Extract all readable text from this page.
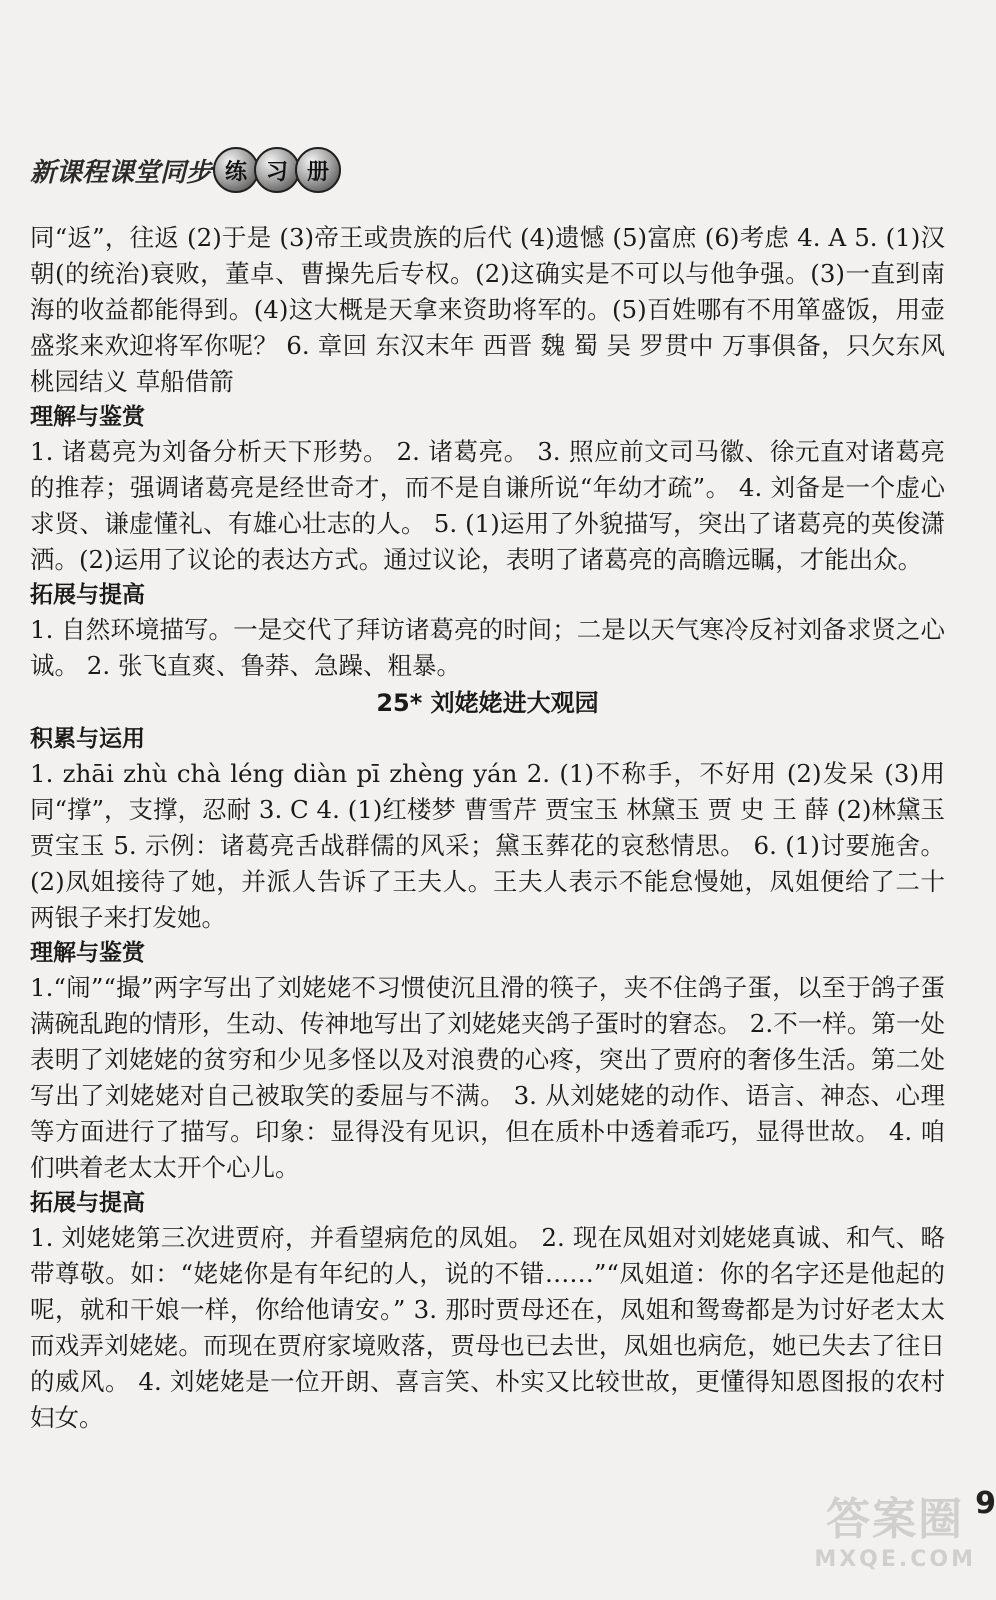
新课程课堂同步 练 习 册

同“返”，往返 (2)于是 (3)帝王或贵族的后代 (4)遗憾 (5)富庶 (6)考虑 4. A 5. (1)汉朝(的统治)衰败，董卓、曹操先后专权。(2)这确实是不可以与他争强。(3)一直到南海的收益都能得到。(4)这大概是天拿来资助将军的。(5)百姓哪有不用箪盛饭，用壶盛浆来欢迎将军你呢？ 6. 章回 东汉末年 西晋 魏 蜀 吴 罗贯中 万事俱备，只欠东风 桃园结义 草船借箭

理解与鉴赏

1. 诸葛亮为刘备分析天下形势。 2. 诸葛亮。 3. 照应前文司马徽、徐元直对诸葛亮的推荐；强调诸葛亮是经世奇才，而不是自谦所说“年幼才疏”。 4. 刘备是一个虚心求贤、谦虚懂礼、有雄心壮志的人。 5. (1)运用了外貌描写，突出了诸葛亮的英俊潇洒。(2)运用了议论的表达方式。通过议论，表明了诸葛亮的高瞻远瞩，才能出众。

拓展与提高

1. 自然环境描写。一是交代了拜访诸葛亮的时间；二是以天气寒冷反衬刘备求贤之心诚。 2. 张飞直爽、鲁莽、急躁、粗暴。

25* 刘姥姥进大观园

积累与运用

1. zhāi zhù chà léng diàn pī zhèng yán 2. (1)不称手，不好用 (2)发呆 (3)用同“撑”，支撑，忍耐 3. C 4. (1)红楼梦 曹雪芹 贾宝玉 林黛玉 贾 史 王 薛 (2)林黛玉 贾宝玉 5. 示例：诸葛亮舌战群儒的风采；黛玉葬花的哀愁情思。 6. (1)讨要施舍。 (2)凤姐接待了她，并派人告诉了王夫人。王夫人表示不能怠慢她，凤姐便给了二十两银子来打发她。

理解与鉴赏

1.“闹”“撮”两字写出了刘姥姥不习惯使沉且滑的筷子，夹不住鸽子蛋，以至于鸽子蛋满碗乱跑的情形，生动、传神地写出了刘姥姥夹鸽子蛋时的窘态。 2.不一样。第一处表明了刘姥姥的贫穷和少见多怪以及对浪费的心疼，突出了贾府的奢侈生活。第二处写出了刘姥姥对自己被取笑的委屈与不满。 3. 从刘姥姥的动作、语言、神态、心理等方面进行了描写。印象：显得没有见识，但在质朴中透着乖巧，显得世故。 4. 咱们哄着老太太开个心儿。

拓展与提高

1. 刘姥姥第三次进贾府，并看望病危的凤姐。 2. 现在凤姐对刘姥姥真诚、和气、略带尊敬。如：“姥姥你是有年纪的人，说的不错……”“凤姐道：你的名字还是他起的呢，就和干娘一样，你给他请安。” 3. 那时贾母还在，凤姐和鸳鸯都是为讨好老太太而戏弄刘姥姥。而现在贾府家境败落，贾母也已去世，凤姐也病危，她已失去了往日的威风。 4. 刘姥姥是一位开朗、喜言笑、朴实又比较世故，更懂得知恩图报的农村妇女。

9
答案圈
MXQE.COM
